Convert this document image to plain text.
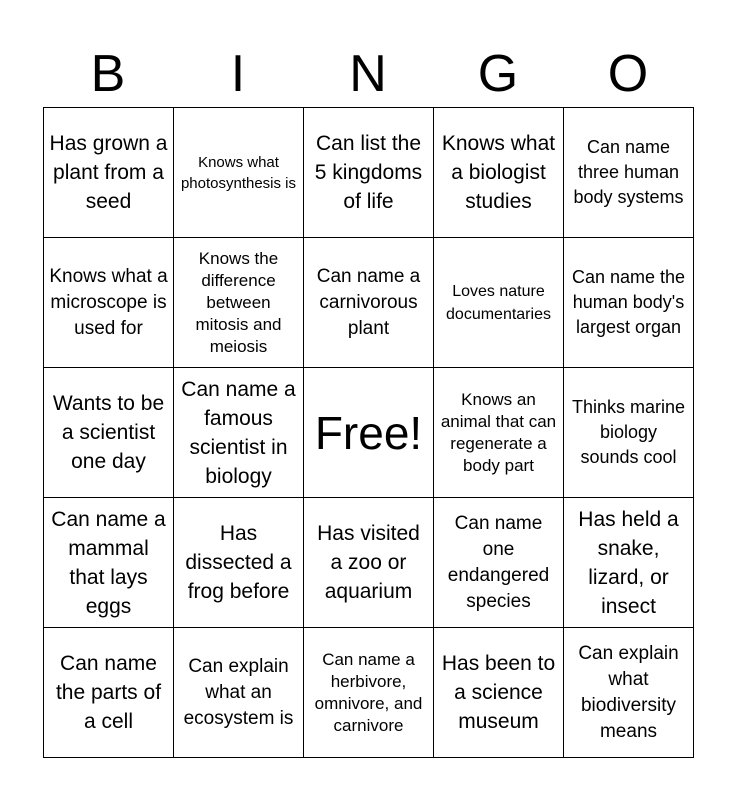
B	I	N	G	O
Has grown a plant from a seed	Knows what photosynthesis is	Can list the 5 kingdoms of life	Knows what a biologist studies	Can name three human body systems

Knows what a microscope is used for	Knows the difference between mitosis and meiosis	Can name a carnivorous plant	Loves nature documentaries	Can name the human body's largest organ

Wants to be a scientist one day	Can name a famous scientist in biology	Free!	Knows an animal that can regenerate a body part	Thinks marine biology sounds cool

Can name a mammal that lays eggs	Has dissected a frog before	Has visited a zoo or aquarium	Can name one endangered species	Has held a snake, lizard, or insect

Can name the parts of a cell	Can explain what an ecosystem is	Can name a herbivore, omnivore, and carnivore	Has been to a science museum	Can explain what biodiversity means
